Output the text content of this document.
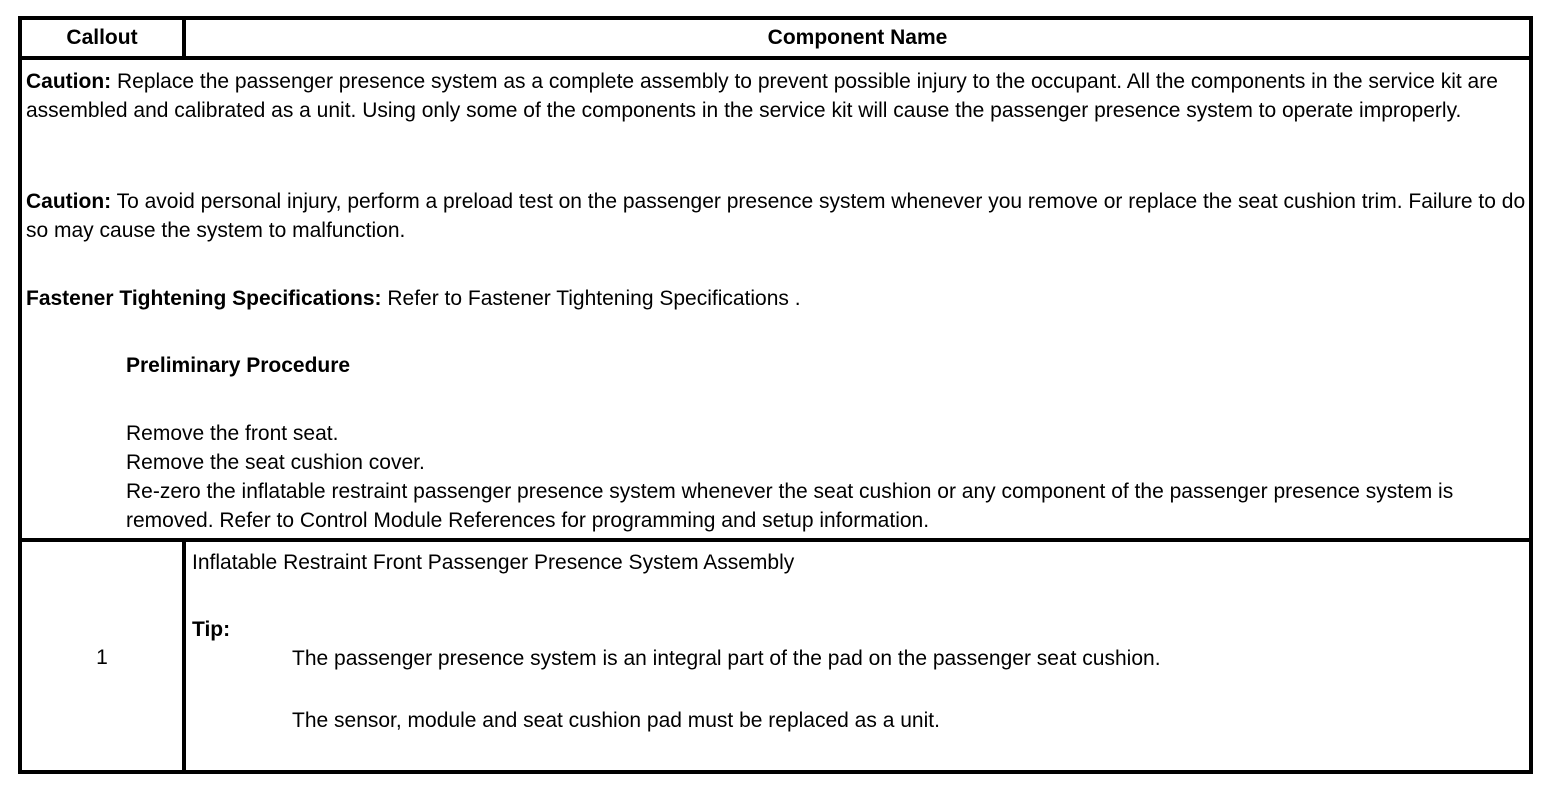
Callout	Component Name

Caution: Replace the passenger presence system as a complete assembly to prevent possible injury to the occupant. All the components in the service kit are assembled and calibrated as a unit. Using only some of the components in the service kit will cause the passenger presence system to operate improperly.

Caution: To avoid personal injury, perform a preload test on the passenger presence system whenever you remove or replace the seat cushion trim. Failure to do so may cause the system to malfunction.

Fastener Tightening Specifications: Refer to Fastener Tightening Specifications .

Preliminary Procedure

Remove the front seat.

Remove the seat cushion cover.

Re-zero the inflatable restraint passenger presence system whenever the seat cushion or any component of the passenger presence system is removed. Refer to Control Module References for programming and setup information.

1

Inflatable Restraint Front Passenger Presence System Assembly

Tip:

The passenger presence system is an integral part of the pad on the passenger seat cushion.

The sensor, module and seat cushion pad must be replaced as a unit.
